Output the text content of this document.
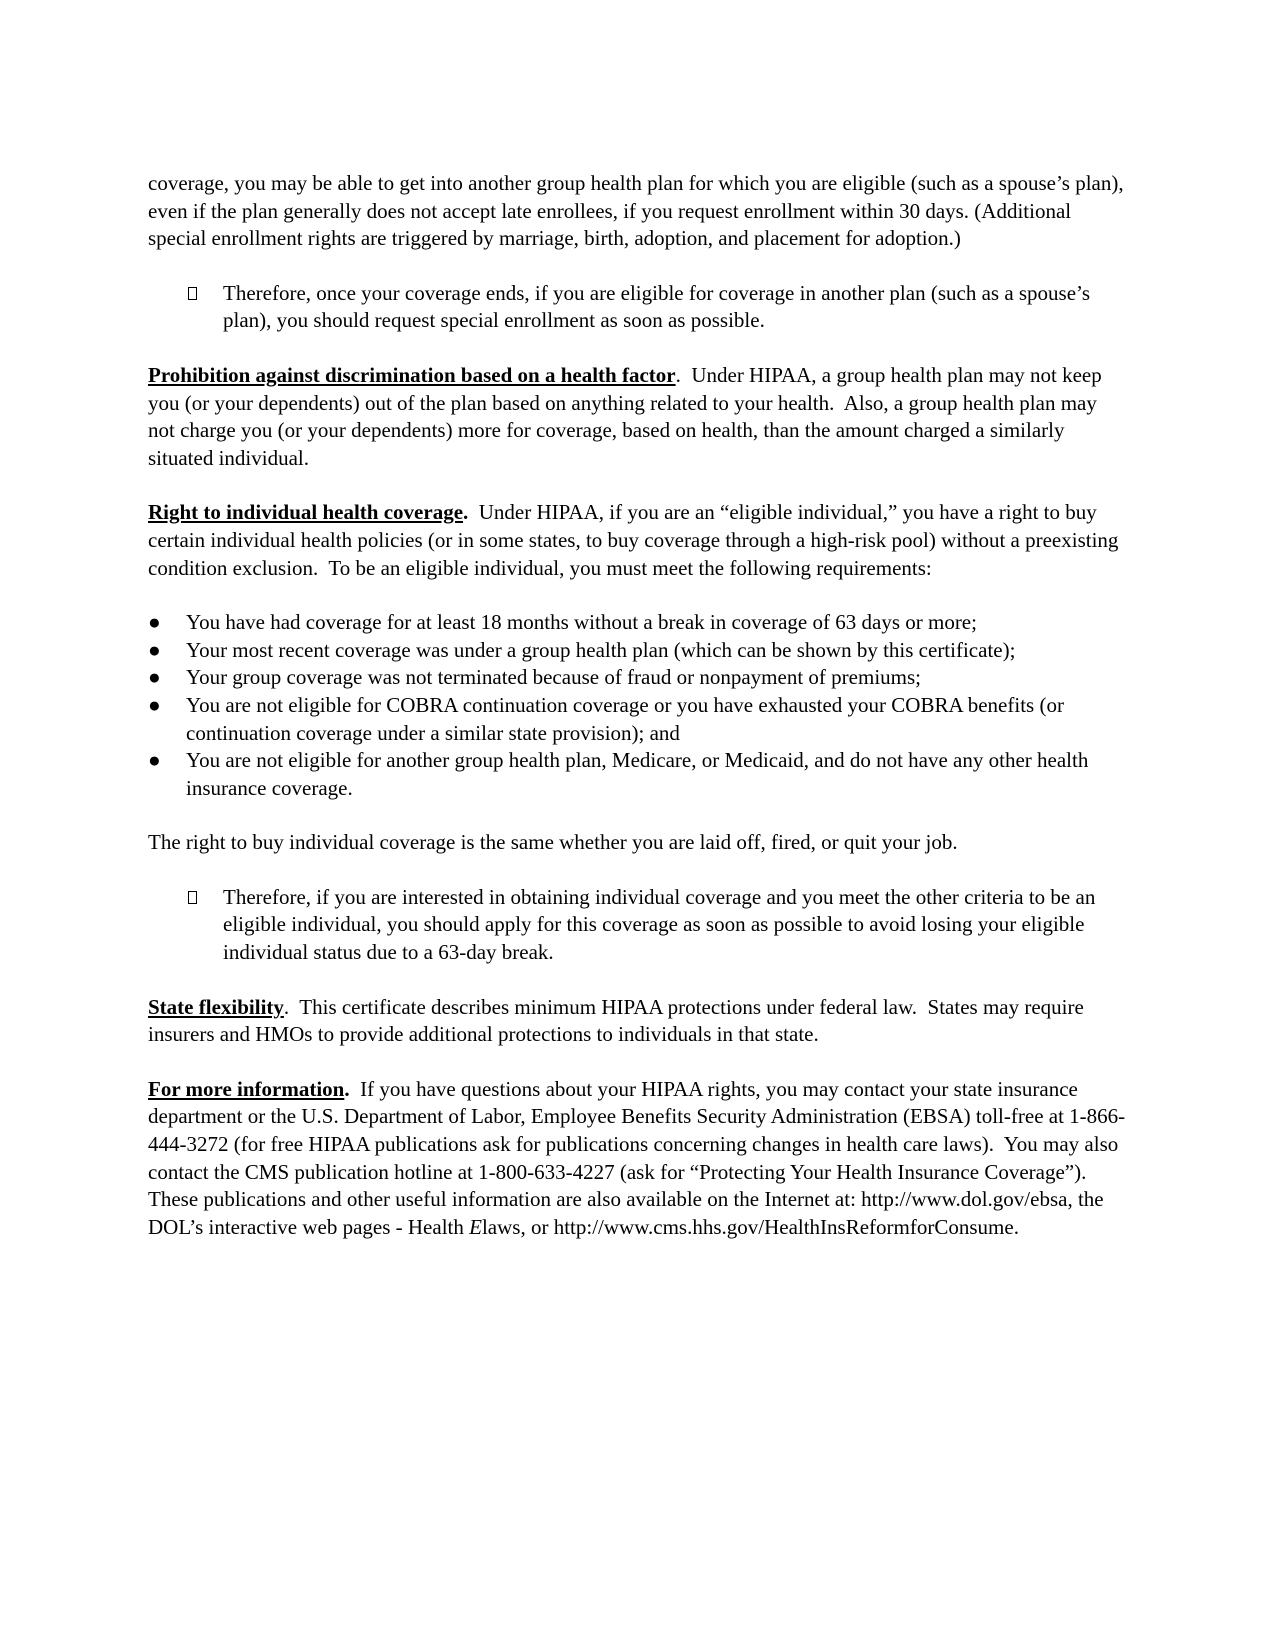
coverage, you may be able to get into another group health plan for which you are eligible (such as a spouse’s plan), even if the plan generally does not accept late enrollees, if you request enrollment within 30 days. (Additional special enrollment rights are triggered by marriage, birth, adoption, and placement for adoption.)

Therefore, once your coverage ends, if you are eligible for coverage in another plan (such as a spouse’s plan), you should request special enrollment as soon as possible.

Prohibition against discrimination based on a health factor.  Under HIPAA, a group health plan may not keep you (or your dependents) out of the plan based on anything related to your health.  Also, a group health plan may not charge you (or your dependents) more for coverage, based on health, than the amount charged a similarly situated individual.

Right to individual health coverage.  Under HIPAA, if you are an “eligible individual,” you have a right to buy certain individual health policies (or in some states, to buy coverage through a high-risk pool) without a preexisting condition exclusion.  To be an eligible individual, you must meet the following requirements:

●	You have had coverage for at least 18 months without a break in coverage of 63 days or more;
●	Your most recent coverage was under a group health plan (which can be shown by this certificate);
●	Your group coverage was not terminated because of fraud or nonpayment of premiums;
●	You are not eligible for COBRA continuation coverage or you have exhausted your COBRA benefits (or continuation coverage under a similar state provision); and
●	You are not eligible for another group health plan, Medicare, or Medicaid, and do not have any other health insurance coverage.

The right to buy individual coverage is the same whether you are laid off, fired, or quit your job.

Therefore, if you are interested in obtaining individual coverage and you meet the other criteria to be an eligible individual, you should apply for this coverage as soon as possible to avoid losing your eligible individual status due to a 63-day break.

State flexibility.  This certificate describes minimum HIPAA protections under federal law.  States may require insurers and HMOs to provide additional protections to individuals in that state.

For more information.  If you have questions about your HIPAA rights, you may contact your state insurance department or the U.S. Department of Labor, Employee Benefits Security Administration (EBSA) toll-free at 1-866-444-3272 (for free HIPAA publications ask for publications concerning changes in health care laws).  You may also contact the CMS publication hotline at 1-800-633-4227 (ask for “Protecting Your Health Insurance Coverage”).  These publications and other useful information are also available on the Internet at: http://www.dol.gov/ebsa, the DOL’s interactive web pages - Health Elaws, or http://www.cms.hhs.gov/HealthInsReformforConsume.
